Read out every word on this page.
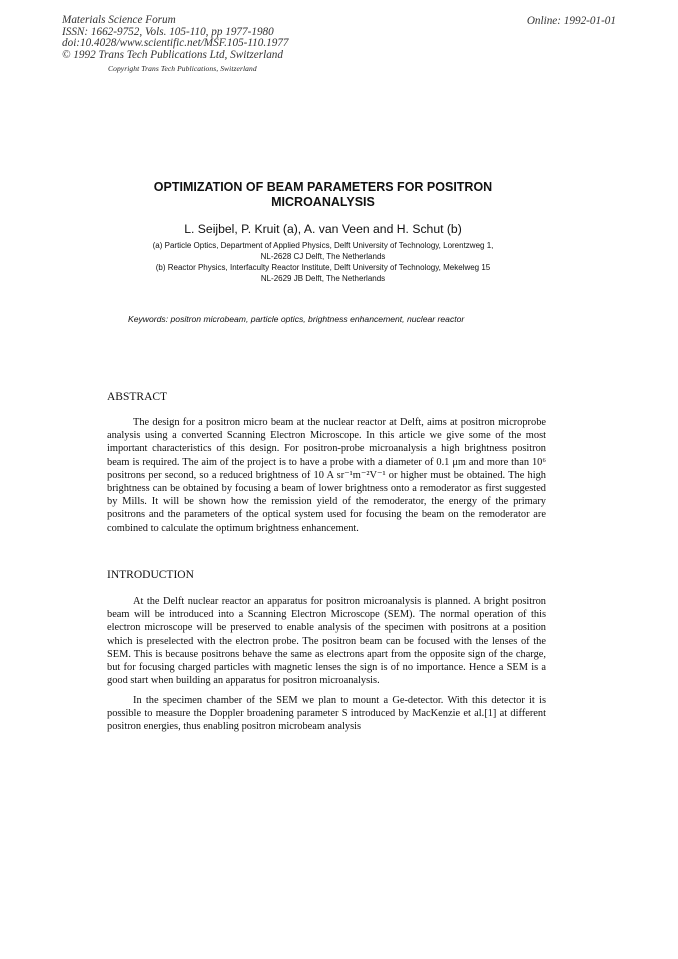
Materials Science Forum
ISSN: 1662-9752, Vols. 105-110, pp 1977-1980
doi:10.4028/www.scientific.net/MSF.105-110.1977
© 1992 Trans Tech Publications Ltd, Switzerland
Online: 1992-01-01
Copyright Trans Tech Publications, Switzerland
OPTIMIZATION OF BEAM PARAMETERS FOR POSITRON
MICROANALYSIS
L. Seijbel, P. Kruit (a), A. van Veen and H. Schut (b)
(a) Particle Optics, Department of Applied Physics, Delft University of Technology, Lorentzweg 1,
NL-2628 CJ Delft, The Netherlands
(b) Reactor Physics, Interfaculty Reactor Institute, Delft University of Technology, Mekelweg 15
NL-2629 JB Delft, The Netherlands
Keywords: positron microbeam, particle optics, brightness enhancement, nuclear reactor
ABSTRACT

The design for a positron micro beam at the nuclear reactor at Delft, aims at positron microprobe analysis using a converted Scanning Electron Microscope. In this article we give some of the most important characteristics of this design. For positron-probe microanalysis a high brightness positron beam is required. The aim of the project is to have a probe with a diameter of 0.1 μm and more than 10⁶ positrons per second, so a reduced brightness of 10 A sr⁻¹m⁻²V⁻¹ or higher must be obtained. The high brightness can be obtained by focusing a beam of lower brightness onto a remoderator as first suggested by Mills. It will be shown how the remission yield of the remoderator, the energy of the primary positrons and the parameters of the optical system used for focusing the beam on the remoderator are combined to calculate the optimum brightness enhancement.

INTRODUCTION

At the Delft nuclear reactor an apparatus for positron microanalysis is planned. A bright positron beam will be introduced into a Scanning Electron Microscope (SEM). The normal operation of this electron microscope will be preserved to enable analysis of the specimen with positrons at a position which is preselected with the electron probe. The positron beam can be focused with the lenses of the SEM. This is because positrons behave the same as electrons apart from the opposite sign of the charge, but for focusing charged particles with magnetic lenses the sign is of no importance. Hence a SEM is a good start when building an apparatus for positron microanalysis.

In the specimen chamber of the SEM we plan to mount a Ge-detector. With this detector it is possible to measure the Doppler broadening parameter S introduced by MacKenzie et al.[1] at different positron energies, thus enabling positron microbeam analysis
